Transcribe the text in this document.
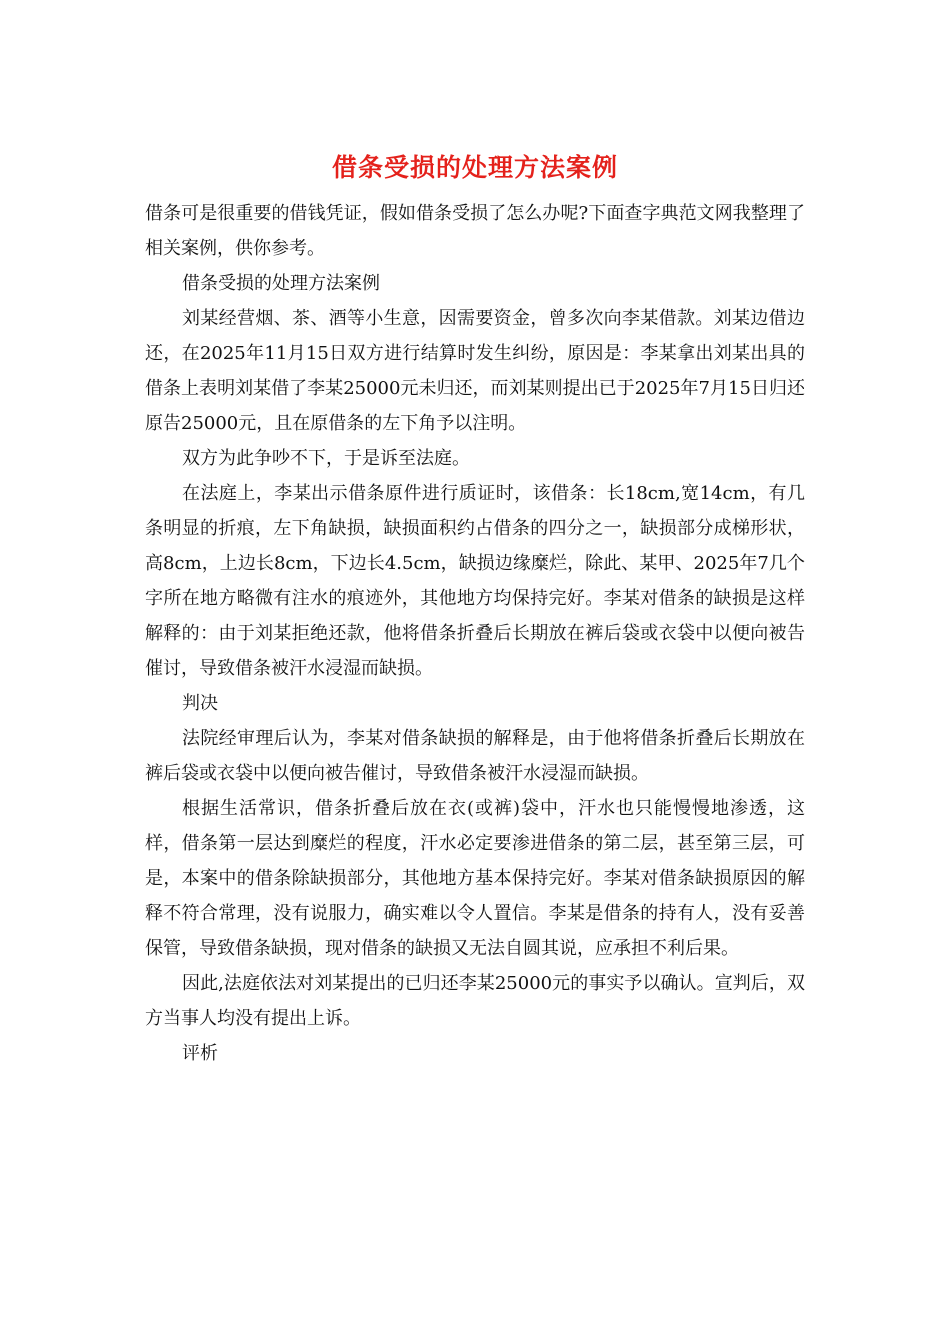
借条受损的处理方法案例

借条可是很重要的借钱凭证，假如借条受损了怎么办呢?下面查字典范文网我整理了相关案例，供你参考。

借条受损的处理方法案例

刘某经营烟、茶、酒等小生意，因需要资金，曾多次向李某借款。刘某边借边还，在2025年11月15日双方进行结算时发生纠纷，原因是：李某拿出刘某出具的借条上表明刘某借了李某25000元未归还，而刘某则提出已于2025年7月15日归还原告25000元，且在原借条的左下角予以注明。

双方为此争吵不下，于是诉至法庭。

在法庭上，李某出示借条原件进行质证时，该借条：长18cm,宽14cm，有几条明显的折痕，左下角缺损，缺损面积约占借条的四分之一，缺损部分成梯形状，高8cm，上边长8cm，下边长4.5cm，缺损边缘糜烂，除此、某甲、2025年7几个字所在地方略微有注水的痕迹外，其他地方均保持完好。李某对借条的缺损是这样解释的：由于刘某拒绝还款，他将借条折叠后长期放在裤后袋或衣袋中以便向被告催讨，导致借条被汗水浸湿而缺损。

判决

法院经审理后认为，李某对借条缺损的解释是，由于他将借条折叠后长期放在裤后袋或衣袋中以便向被告催讨，导致借条被汗水浸湿而缺损。

根据生活常识，借条折叠后放在衣(或裤)袋中，汗水也只能慢慢地渗透，这样，借条第一层达到糜烂的程度，汗水必定要渗进借条的第二层，甚至第三层，可是，本案中的借条除缺损部分，其他地方基本保持完好。李某对借条缺损原因的解释不符合常理，没有说服力，确实难以令人置信。李某是借条的持有人，没有妥善保管，导致借条缺损，现对借条的缺损又无法自圆其说，应承担不利后果。

因此,法庭依法对刘某提出的已归还李某25000元的事实予以确认。宣判后，双方当事人均没有提出上诉。

评析
